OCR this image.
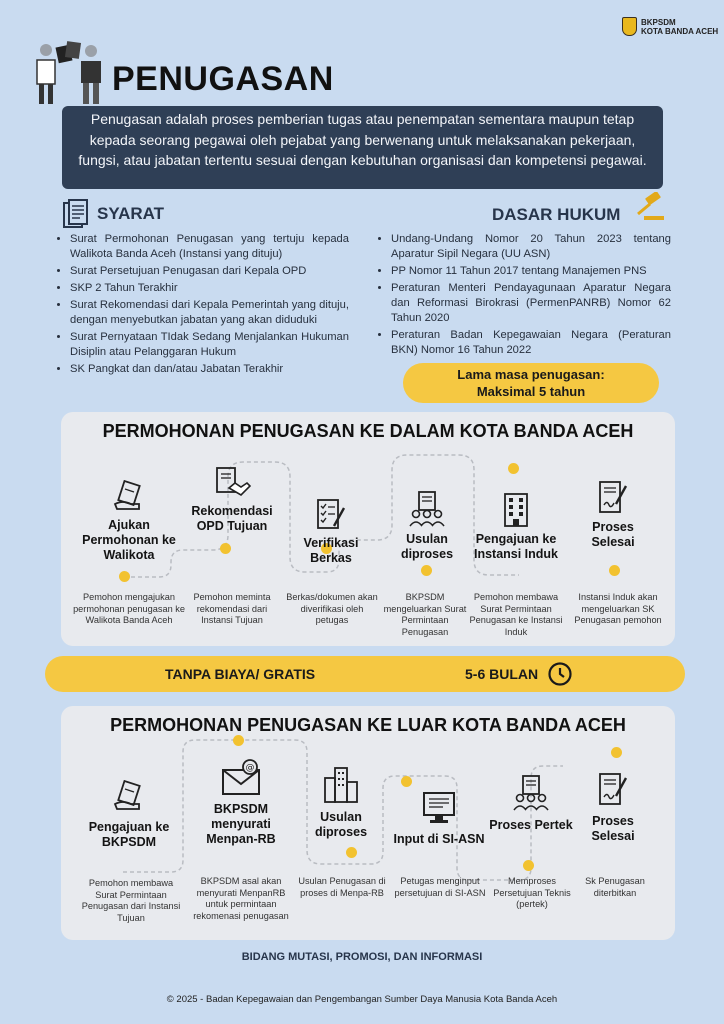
BKPSDM
KOTA BANDA ACEH
PENUGASAN
Penugasan adalah proses pemberian tugas atau penempatan sementara maupun tetap kepada seorang pegawai oleh pejabat yang berwenang untuk melaksanakan pekerjaan, fungsi, atau jabatan tertentu sesuai dengan kebutuhan organisasi dan kompetensi pegawai.
SYARAT
• Surat Permohonan Penugasan yang tertuju kepada Walikota Banda Aceh (Instansi yang dituju)
• Surat Persetujuan Penugasan dari Kepala OPD
• SKP 2 Tahun Terakhir
• Surat Rekomendasi dari Kepala Pemerintah yang dituju, dengan menyebutkan jabatan yang akan diduduki
• Surat Pernyataan TIdak Sedang Menjalankan Hukuman Disiplin atau Pelanggaran Hukum
• SK Pangkat dan dan/atau Jabatan Terakhir
DASAR HUKUM
• Undang-Undang Nomor 20 Tahun 2023 tentang Aparatur Sipil Negara (UU ASN)
• PP Nomor 11 Tahun 2017 tentang Manajemen PNS
• Peraturan Menteri Pendayagunaan Aparatur Negara dan Reformasi Birokrasi (PermenPANRB) Nomor 62 Tahun 2020
• Peraturan Badan Kepegawaian Negara (Peraturan BKN) Nomor 16 Tahun 2022
Lama masa penugasan:
Maksimal 5 tahun
PERMOHONAN PENUGASAN KE DALAM KOTA BANDA ACEH
Ajukan Permohonan ke Walikota
Rekomendasi OPD Tujuan
Verifikasi Berkas
Usulan diproses
Pengajuan ke Instansi Induk
Proses Selesai
Pemohon mengajukan permohonan penugasan ke Walikota Banda Aceh
Pemohon meminta rekomendasi dari Instansi Tujuan
Berkas/dokumen akan diverifikasi oleh petugas
BKPSDM mengeluarkan Surat Permintaan Penugasan
Pemohon membawa Surat Permintaan Penugasan ke Instansi Induk
Instansi Induk akan mengeluarkan SK Penugasan pemohon
TANPA BIAYA/ GRATIS	5-6 BULAN
PERMOHONAN PENUGASAN KE LUAR KOTA BANDA ACEH
Pengajuan ke BKPSDM
@
BKPSDM menyurati Menpan-RB
Usulan diproses	Input di SI-ASN
Proses Pertek	Proses Selesai
Pemohon membawa Surat Permintaan Penugasan dari Instansi Tujuan
BKPSDM asal akan menyurati MenpanRB untuk permintaan rekomenasi penugasan
Usulan Penugasan di proses di Menpa-RB
Petugas menginput persetujuan di SI-ASN
Memproses Persetujuan Teknis (pertek)
Sk Penugasan diterbitkan
BIDANG MUTASI, PROMOSI, DAN INFORMASI
© 2025 - Badan Kepegawaian dan Pengembangan Sumber Daya Manusia Kota Banda Aceh
